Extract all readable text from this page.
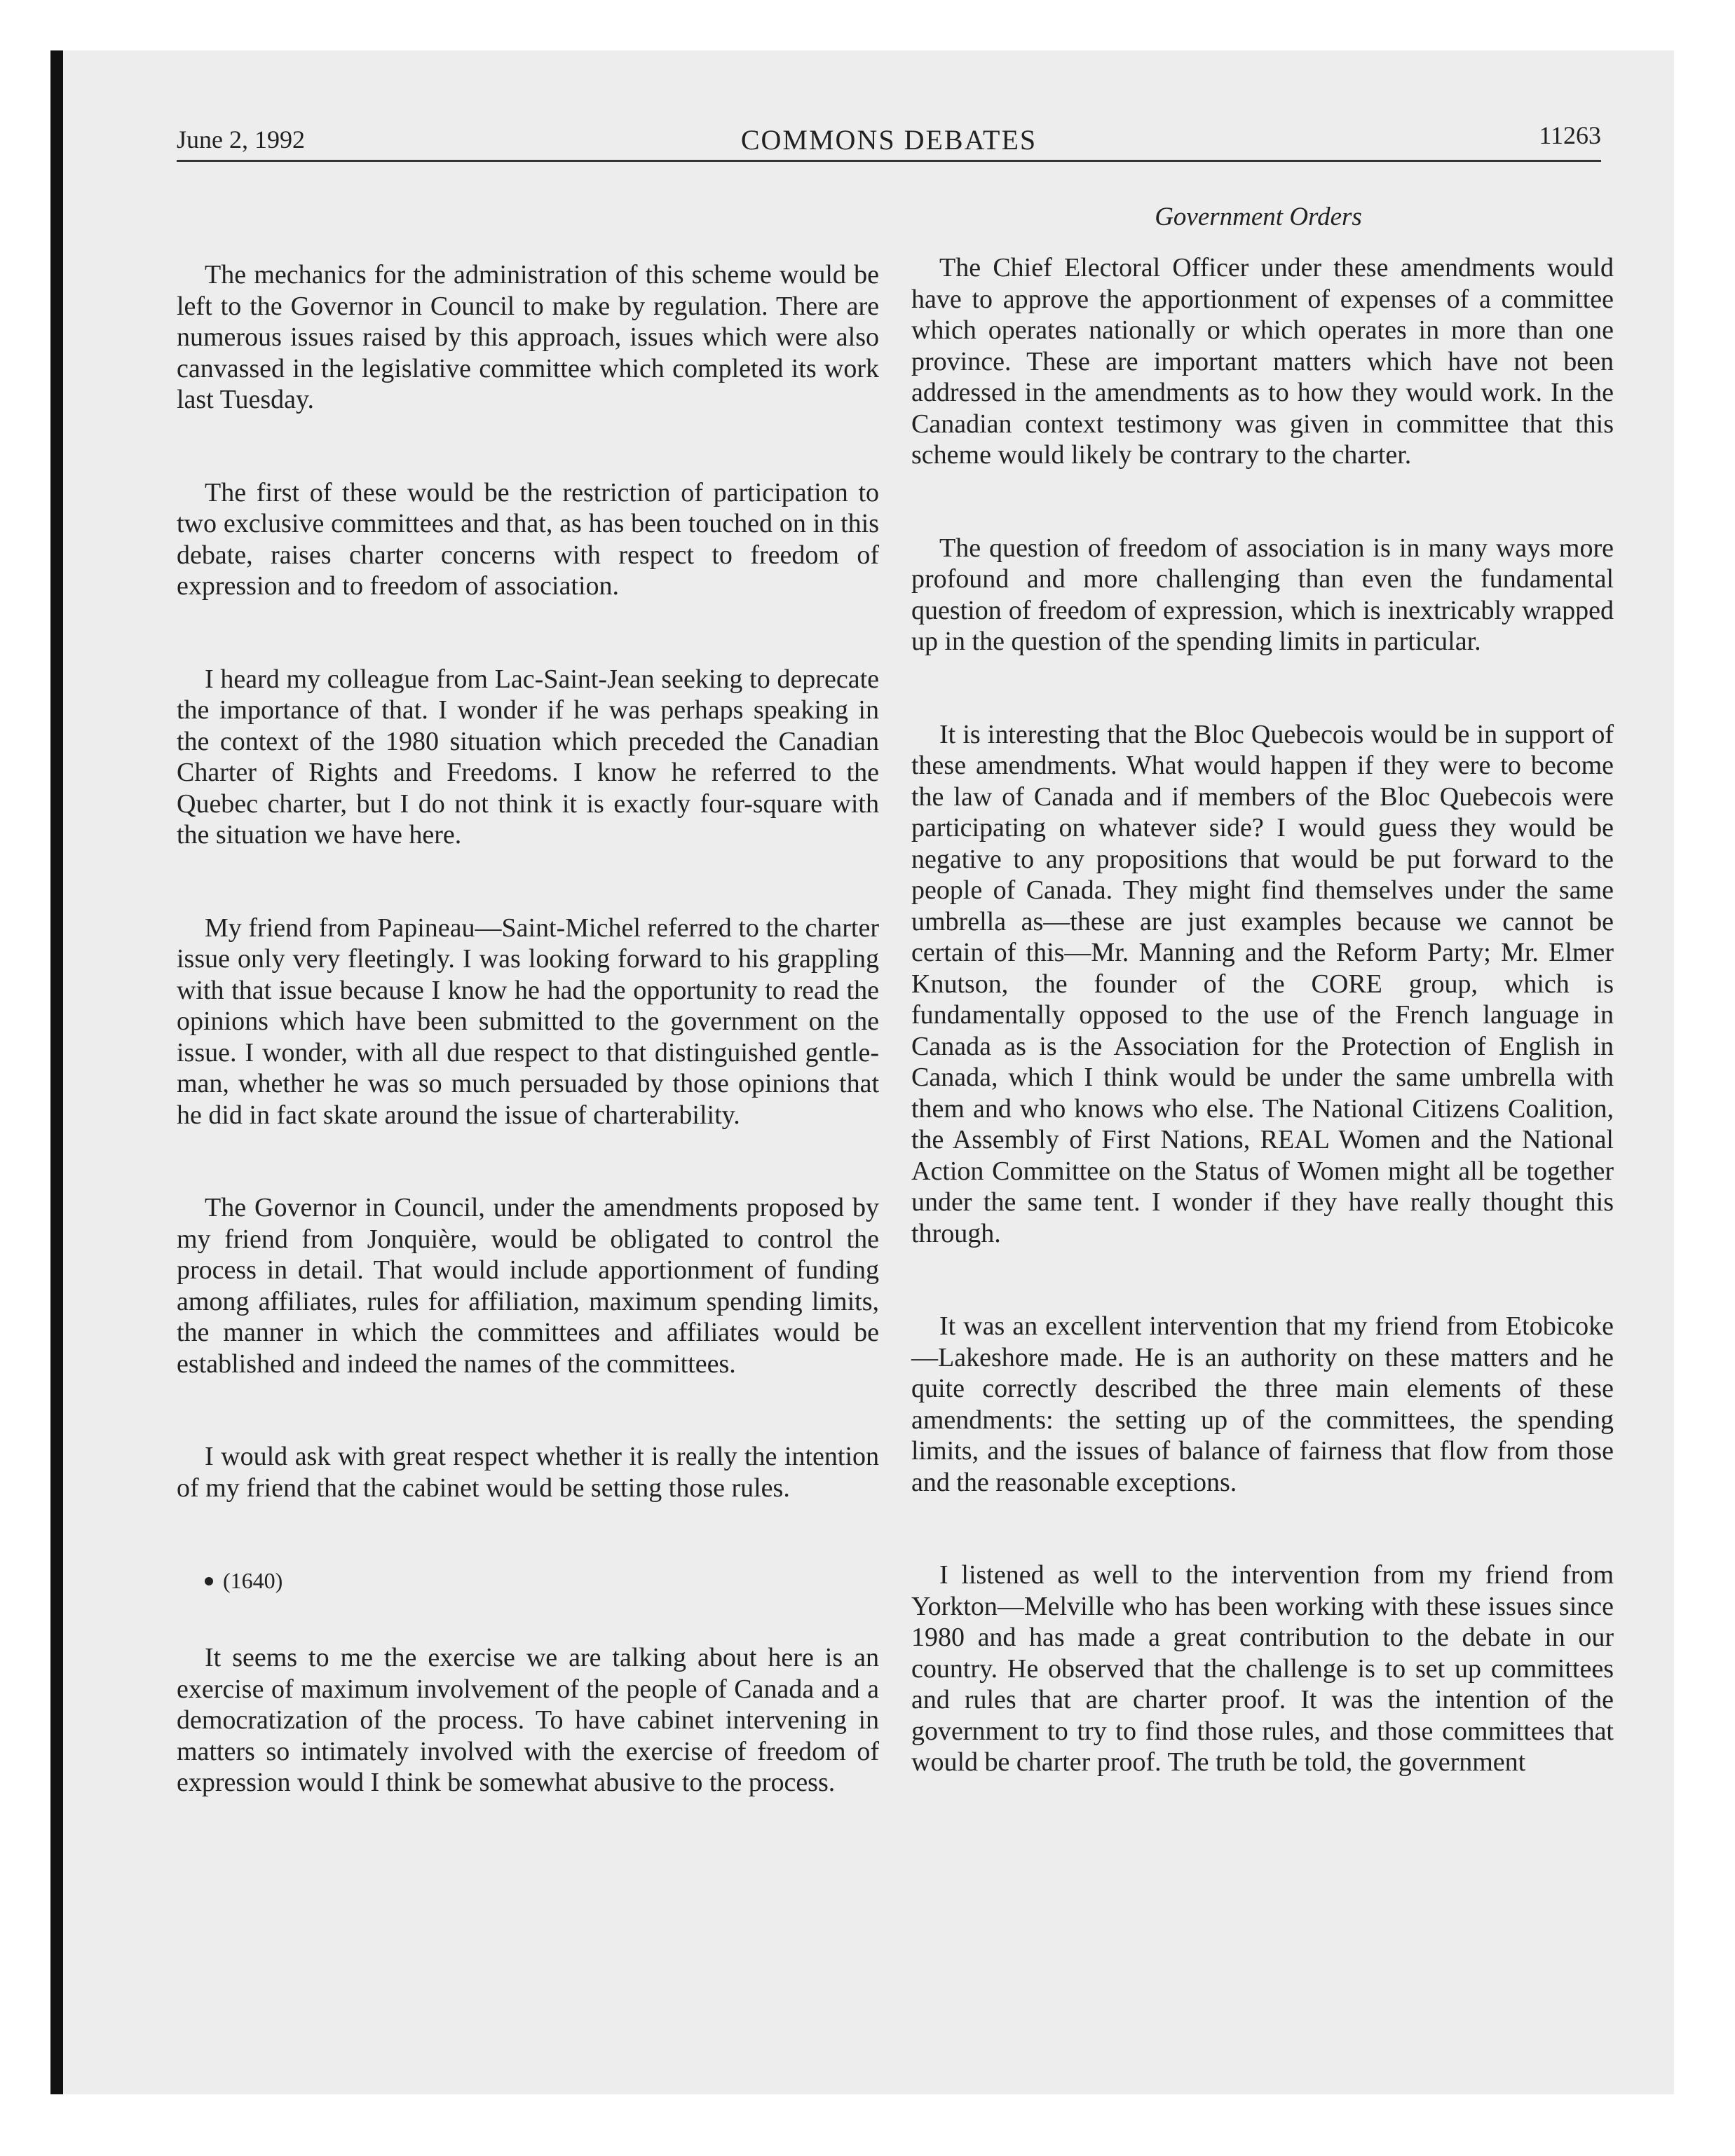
June 2, 1992	COMMONS DEBATES	11263
Government Orders

The mechanics for the administration of this scheme would be left to the Governor in Council to make by regulation. There are numerous issues raised by this approach, issues which were also canvassed in the legislative committee which completed its work last Tuesday.

The first of these would be the restriction of participation to two exclusive committees and that, as has been touched on in this debate, raises charter concerns with respect to freedom of expression and to freedom of association.

I heard my colleague from Lac-Saint-Jean seeking to deprecate the importance of that. I wonder if he was perhaps speaking in the context of the 1980 situation which preceded the Canadian Charter of Rights and Freedoms. I know he referred to the Quebec charter, but I do not think it is exactly four-square with the situation we have here.

My friend from Papineau—Saint-Michel referred to the charter issue only very fleetingly. I was looking forward to his grappling with that issue because I know he had the opportunity to read the opinions which have been submitted to the government on the issue. I wonder, with all due respect to that distinguished gentleman, whether he was so much persuaded by those opinions that he did in fact skate around the issue of charterability.

The Governor in Council, under the amendments proposed by my friend from Jonquière, would be obligated to control the process in detail. That would include apportionment of funding among affiliates, rules for affiliation, maximum spending limits, the manner in which the committees and affiliates would be established and indeed the names of the committees.

I would ask with great respect whether it is really the intention of my friend that the cabinet would be setting those rules.

(1640)

It seems to me the exercise we are talking about here is an exercise of maximum involvement of the people of Canada and a democratization of the process. To have cabinet intervening in matters so intimately involved with the exercise of freedom of expression would I think be somewhat abusive to the process.

The Chief Electoral Officer under these amendments would have to approve the apportionment of expenses of a committee which operates nationally or which operates in more than one province. These are important matters which have not been addressed in the amendments as to how they would work. In the Canadian context testimony was given in committee that this scheme would likely be contrary to the charter.

The question of freedom of association is in many ways more profound and more challenging than even the fundamental question of freedom of expression, which is inextricably wrapped up in the question of the spending limits in particular.

It is interesting that the Bloc Quebecois would be in support of these amendments. What would happen if they were to become the law of Canada and if members of the Bloc Quebecois were participating on whatever side? I would guess they would be negative to any propositions that would be put forward to the people of Canada. They might find themselves under the same umbrella as—these are just examples because we cannot be certain of this—Mr. Manning and the Reform Party; Mr. Elmer Knutson, the founder of the CORE group, which is fundamentally opposed to the use of the French language in Canada as is the Association for the Protection of English in Canada, which I think would be under the same umbrella with them and who knows who else. The National Citizens Coalition, the Assembly of First Nations, REAL Women and the National Action Committee on the Status of Women might all be together under the same tent. I wonder if they have really thought this through.

It was an excellent intervention that my friend from Etobicoke—Lakeshore made. He is an authority on these matters and he quite correctly described the three main elements of these amendments: the setting up of the committees, the spending limits, and the issues of balance of fairness that flow from those and the reasonable exceptions.

I listened as well to the intervention from my friend from Yorkton—Melville who has been working with these issues since 1980 and has made a great contribution to the debate in our country. He observed that the challenge is to set up committees and rules that are charter proof. It was the intention of the government to try to find those rules, and those committees that would be charter proof. The truth be told, the government
